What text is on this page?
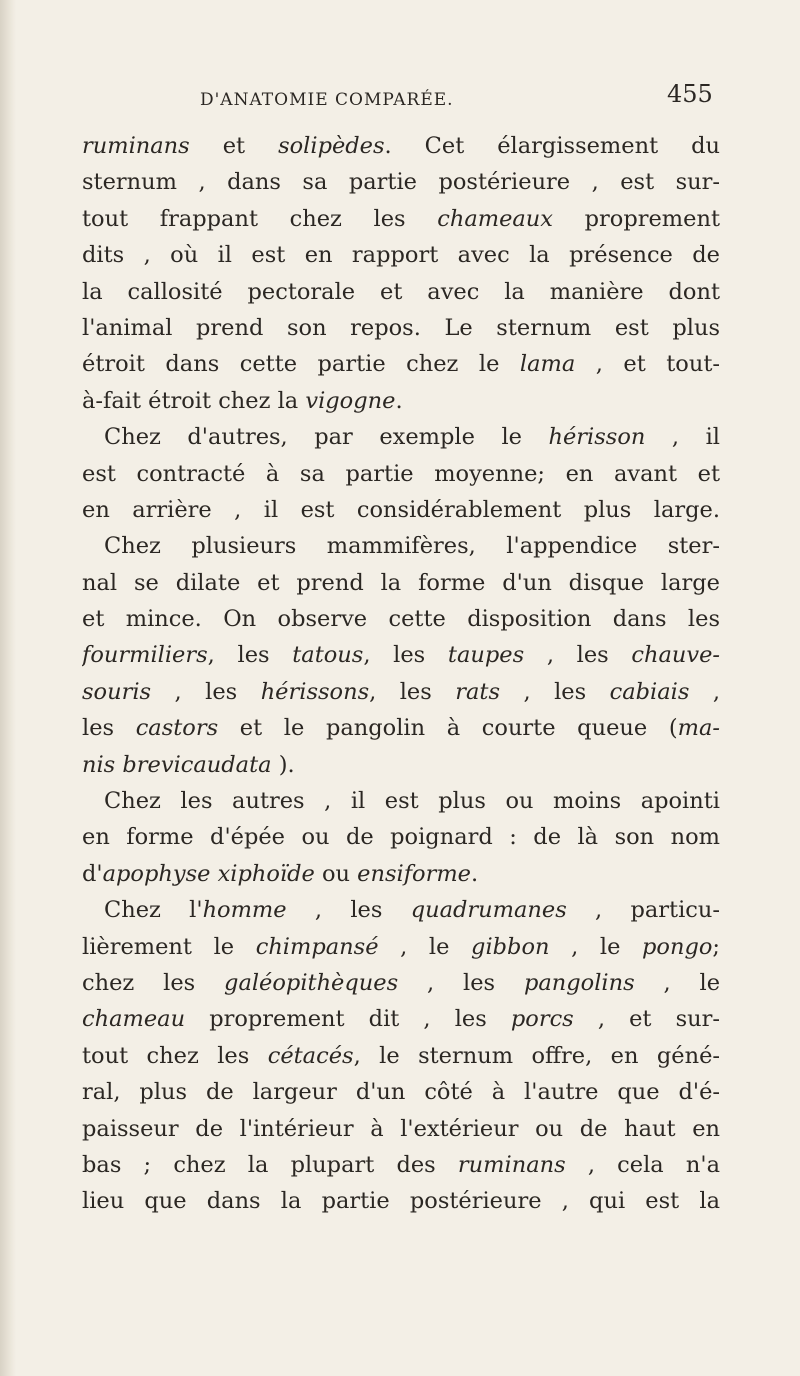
D'ANATOMIE COMPARÉE.	455
ruminans et solipèdes. Cet élargissement du
sternum , dans sa partie postérieure , est sur-
tout frappant chez les chameaux proprement
dits , où il est en rapport avec la présence de
la callosité pectorale et avec la manière dont
l'animal prend son repos. Le sternum est plus
étroit dans cette partie chez le lama , et tout-
à-fait étroit chez la vigogne.
Chez d'autres, par exemple le hérisson , il
est contracté à sa partie moyenne; en avant et
en arrière , il est considérablement plus large.
Chez plusieurs mammifères, l'appendice ster-
nal se dilate et prend la forme d'un disque large
et mince. On observe cette disposition dans les
fourmiliers, les tatous, les taupes , les chauve-
souris , les hérissons, les rats , les cabiais ,
les castors et le pangolin à courte queue (ma-
nis brevicaudata ).
Chez les autres , il est plus ou moins apointi
en forme d'épée ou de poignard : de là son nom
d'apophyse xiphoïde ou ensiforme.
Chez l'homme , les quadrumanes , particu-
lièrement le chimpansé , le gibbon , le pongo;
chez les galéopithèques , les pangolins , le
chameau proprement dit , les porcs , et sur-
tout chez les cétacés, le sternum offre, en géné-
ral, plus de largeur d'un côté à l'autre que d'é-
paisseur de l'intérieur à l'extérieur ou de haut en
bas ; chez la plupart des ruminans , cela n'a
lieu que dans la partie postérieure , qui est la
